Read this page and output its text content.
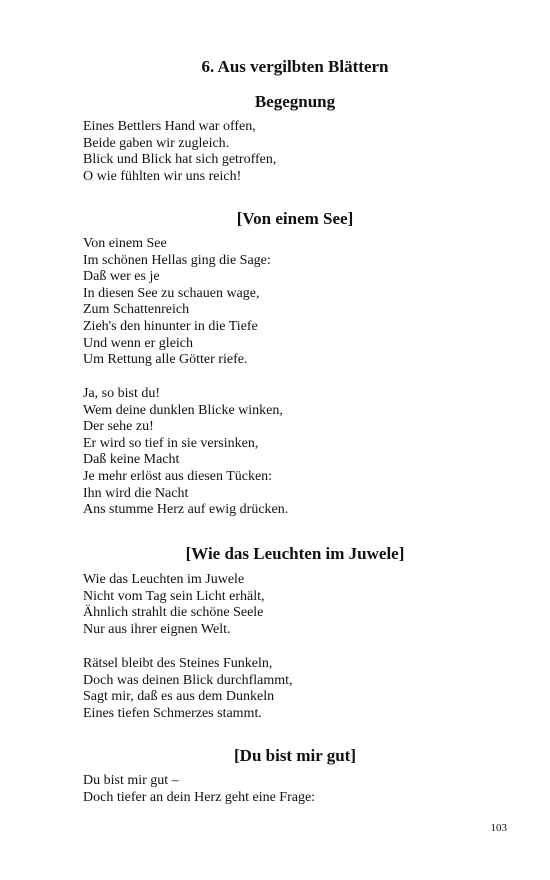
6. Aus vergilbten Blättern
Begegnung
Eines Bettlers Hand war offen,
Beide gaben wir zugleich.
Blick und Blick hat sich getroffen,
O wie fühlten wir uns reich!
[Von einem See]
Von einem See
Im schönen Hellas ging die Sage:
Daß wer es je
In diesen See zu schauen wage,
Zum Schattenreich
Zieh's den hinunter in die Tiefe
Und wenn er gleich
Um Rettung alle Götter riefe.
Ja, so bist du!
Wem deine dunklen Blicke winken,
Der sehe zu!
Er wird so tief in sie versinken,
Daß keine Macht
Je mehr erlöst aus diesen Tücken:
Ihn wird die Nacht
Ans stumme Herz auf ewig drücken.
[Wie das Leuchten im Juwele]
Wie das Leuchten im Juwele
Nicht vom Tag sein Licht erhält,
Ähnlich strahlt die schöne Seele
Nur aus ihrer eignen Welt.
Rätsel bleibt des Steines Funkeln,
Doch was deinen Blick durchflammt,
Sagt mir, daß es aus dem Dunkeln
Eines tiefen Schmerzes stammt.
[Du bist mir gut]
Du bist mir gut –
Doch tiefer an dein Herz geht eine Frage:
103
